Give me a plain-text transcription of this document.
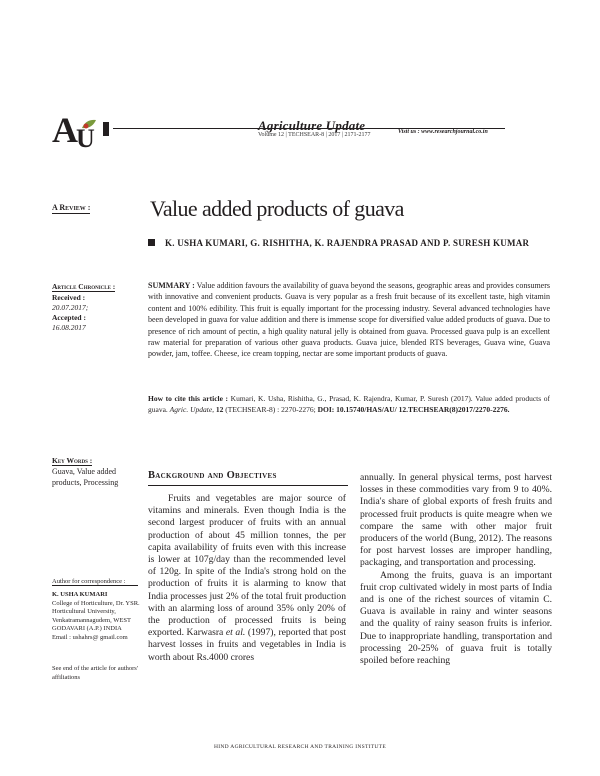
A
U	Agriculture Update
Volume 12 | TECHSEAR-8 | 2017 | 2171-2177	Visit us : www.researchjournal.co.in
A Review :
Article Chronicle :
Received :
20.07.2017;
Accepted :
16.08.2017
Key Words :
Guava, Value added products, Processing
Author for correspondence :
K. USHA KUMARI
College of Horticulture, Dr. YSR. Horticultural University, Venkatramannagudem, WEST GODAVARI (A.P.) INDIA
Email : ushahrs@ gmail.com
See end of the article for authors' affiliations
Value added products of guava
K. USHA KUMARI, G. RISHITHA, K. RAJENDRA PRASAD AND P. SURESH KUMAR
SUMMARY : Value addition favours the availability of guava beyond the seasons, geographic areas and provides consumers with innovative and convenient products. Guava is very popular as a fresh fruit because of its excellent taste, high vitamin content and 100% edibility. This fruit is equally important for the processing industry. Several advanced technologies have been developed in guava for value addition and there is immense scope for diversified value added products of guava. Due to presence of rich amount of pectin, a high quality natural jelly is obtained from guava. Processed guava pulp is an excellent raw material for preparation of various other guava products. Guava juice, blended RTS beverages, Guava wine, Guava powder, jam, toffee. Cheese, ice cream topping, nectar are some important products of guava.
How to cite this article : Kumari, K. Usha, Rishitha, G., Prasad, K. Rajendra, Kumar, P. Suresh (2017). Value added products of guava. Agric. Update, 12 (TECHSEAR-8) : 2270-2276; DOI: 10.15740/HAS/AU/ 12.TECHSEAR(8)2017/2270-2276.
Background and Objectives

Fruits and vegetables are major source of vitamins and minerals. Even though India is the second largest producer of fruits with an annual production of about 45 million tonnes, the per capita availability of fruits even with this increase is lower at 107g/day than the recommended level of 120g. In spite of the India's strong hold on the production of fruits it is alarming to know that India processes just 2% of the total fruit production with an alarming loss of around 35% only 20% of the production of processed fruits is being exported. Karwasra et al. (1997), reported that post harvest losses in fruits and vegetables in India is worth about Rs.4000 crores

annually. In general physical terms, post harvest losses in these commodities vary from 9 to 40%. India's share of global exports of fresh fruits and processed fruit products is quite meagre when we compare the same with other major fruit producers of the world (Bung, 2012). The reasons for post harvest losses are improper handling, packaging, and transportation and processing.

Among the fruits, guava is an important fruit crop cultivated widely in most parts of India and is one of the richest sources of vitamin C. Guava is available in rainy and winter seasons and the quality of rainy season fruits is inferior. Due to inappropriate handling, transportation and processing 20-25% of guava fruit is totally spoiled before reaching

HIND AGRICULTURAL RESEARCH AND TRAINING INSTITUTE
